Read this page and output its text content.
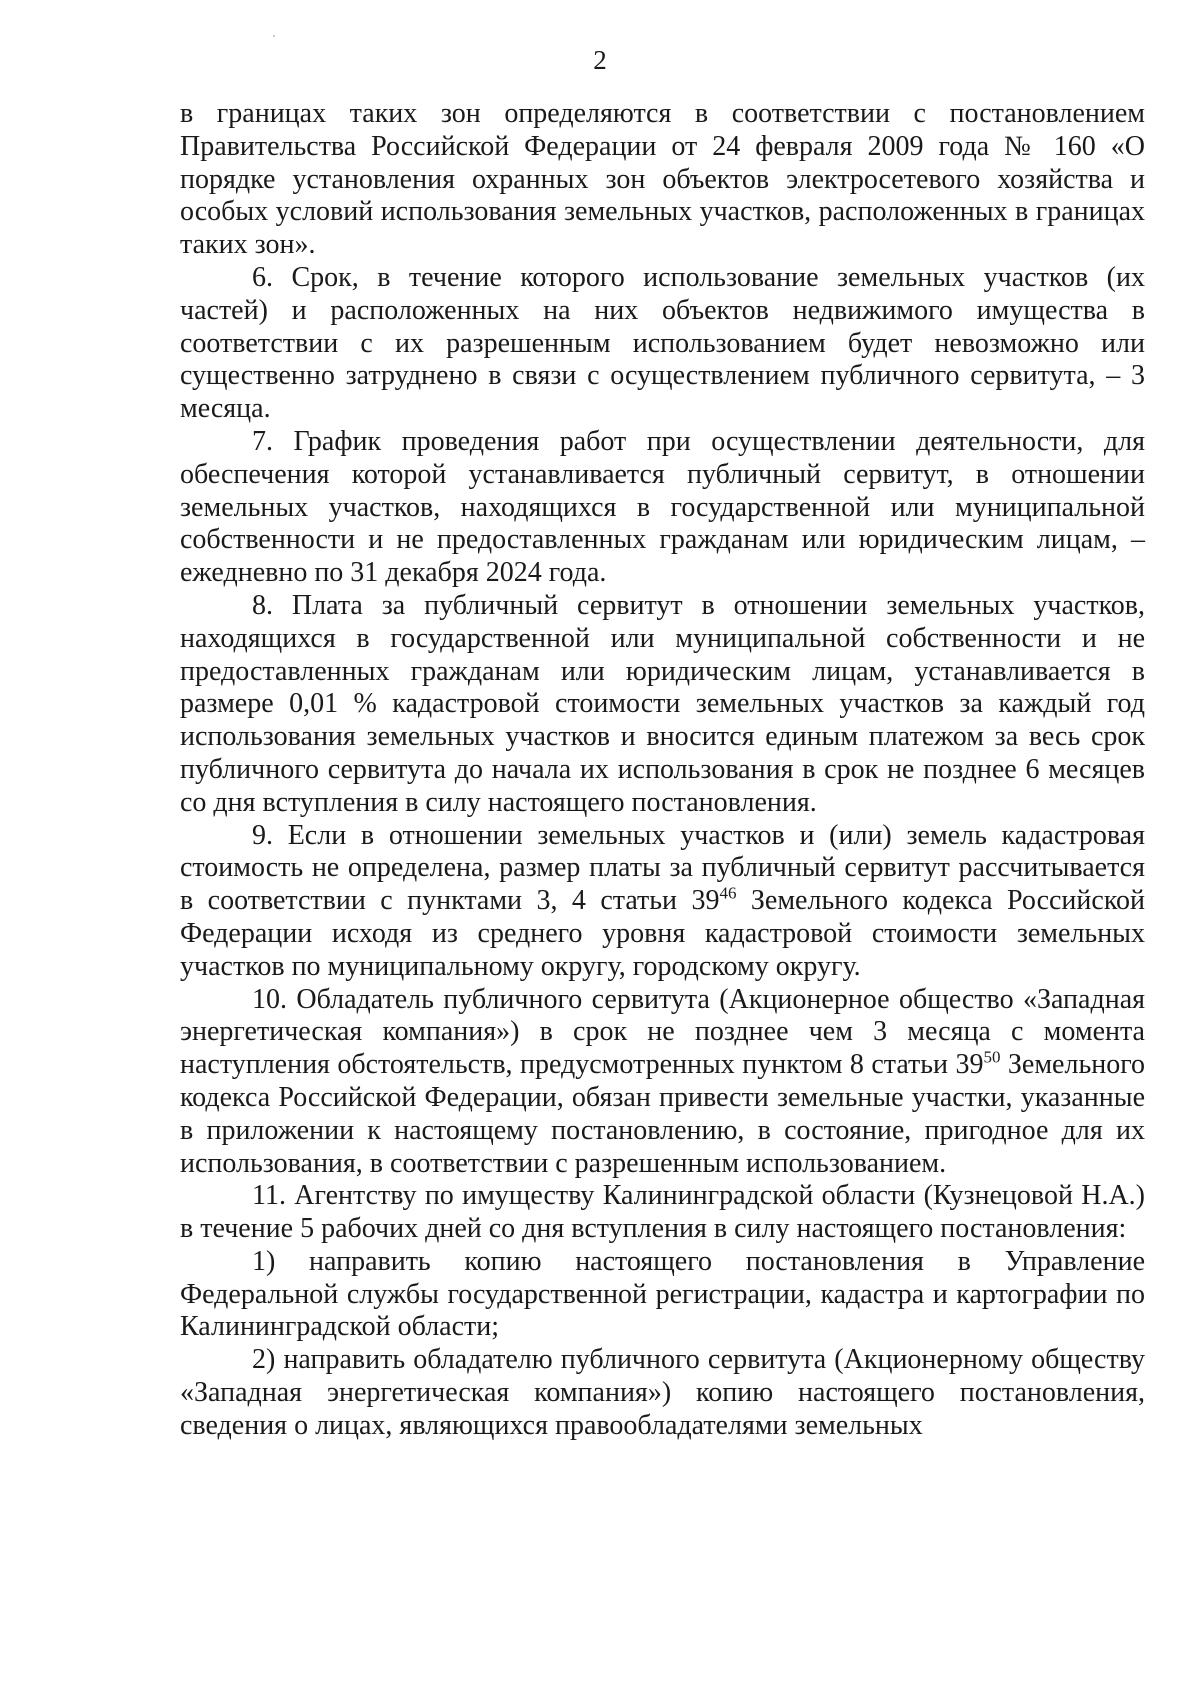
2

в границах таких зон определяются в соответствии с постановлением Правительства Российской Федерации от 24 февраля 2009 года № 160 «О порядке установления охранных зон объектов электросетевого хозяйства и особых условий использования земельных участков, расположенных в границах таких зон».

6. Срок, в течение которого использование земельных участков (их частей) и расположенных на них объектов недвижимого имущества в соответствии с их разрешенным использованием будет невозможно или существенно затруднено в связи с осуществлением публичного сервитута, – 3 месяца.

7. График проведения работ при осуществлении деятельности, для обеспечения которой устанавливается публичный сервитут, в отношении земельных участков, находящихся в государственной или муниципальной собственности и не предоставленных гражданам или юридическим лицам, – ежедневно по 31 декабря 2024 года.

8. Плата за публичный сервитут в отношении земельных участков, находящихся в государственной или муниципальной собственности и не предоставленных гражданам или юридическим лицам, устанавливается в размере 0,01 % кадастровой стоимости земельных участков за каждый год использования земельных участков и вносится единым платежом за весь срок публичного сервитута до начала их использования в срок не позднее 6 месяцев со дня вступления в силу настоящего постановления.

9. Если в отношении земельных участков и (или) земель кадастровая стоимость не определена, размер платы за публичный сервитут рассчитывается в соответствии с пунктами 3, 4 статьи $39^{46}$ Земельного кодекса Российской Федерации исходя из среднего уровня кадастровой стоимости земельных участков по муниципальному округу, городскому округу.

10. Обладатель публичного сервитута (Акционерное общество «Западная энергетическая компания») в срок не позднее чем 3 месяца с момента наступления обстоятельств, предусмотренных пунктом 8 статьи $39^{50}$ Земельного кодекса Российской Федерации, обязан привести земельные участки, указанные в приложении к настоящему постановлению, в состояние, пригодное для их использования, в соответствии с разрешенным использованием.

11. Агентству по имуществу Калининградской области (Кузнецовой Н.А.) в течение 5 рабочих дней со дня вступления в силу настоящего постановления:

1) направить копию настоящего постановления в Управление Федеральной службы государственной регистрации, кадастра и картографии по Калининградской области;

2) направить обладателю публичного сервитута (Акционерному обществу «Западная энергетическая компания») копию настоящего постановления, сведения о лицах, являющихся правообладателями земельных
